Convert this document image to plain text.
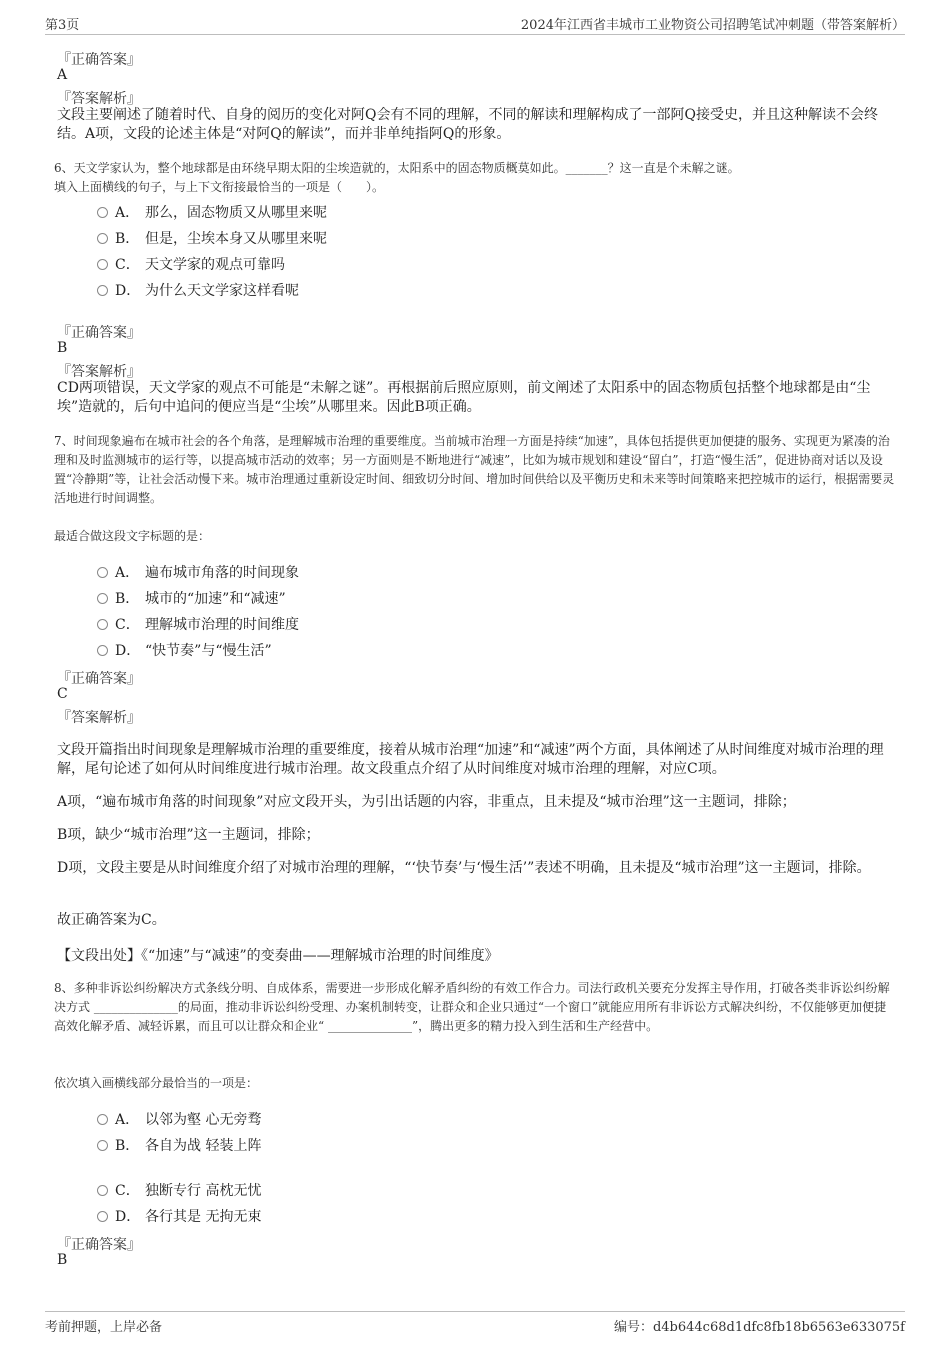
第3页	2024年江西省丰城市工业物资公司招聘笔试冲刺题（带答案解析）
『正确答案』
A
『答案解析』
文段主要阐述了随着时代、自身的阅历的变化对阿Q会有不同的理解，不同的解读和理解构成了一部阿Q接受史，并且这种解读不会终结。A项，文段的论述主体是“对阿Q的解读”，而并非单纯指阿Q的形象。
6、天文学家认为，整个地球都是由环绕早期太阳的尘埃造就的，太阳系中的固态物质概莫如此。_______？这一直是个未解之谜。
填入上面横线的句子，与上下文衔接最恰当的一项是（　　）。
A． 那么，固态物质又从哪里来呢
B． 但是，尘埃本身又从哪里来呢
C． 天文学家的观点可靠吗
D． 为什么天文学家这样看呢
『正确答案』
B
『答案解析』
CD两项错误，天文学家的观点不可能是“未解之谜”。再根据前后照应原则，前文阐述了太阳系中的固态物质包括整个地球都是由“尘埃”造就的，后句中追问的便应当是“尘埃”从哪里来。因此B项正确。
7、时间现象遍布在城市社会的各个角落，是理解城市治理的重要维度。当前城市治理一方面是持续“加速”，具体包括提供更加便捷的服务、实现更为紧凑的治理和及时监测城市的运行等，以提高城市活动的效率；另一方面则是不断地进行“减速”，比如为城市规划和建设“留白”，打造“慢生活”，促进协商对话以及设置“冷静期”等，让社会活动慢下来。城市治理通过重新设定时间、细致切分时间、增加时间供给以及平衡历史和未来等时间策略来把控城市的运行，根据需要灵活地进行时间调整。
最适合做这段文字标题的是：
A． 遍布城市角落的时间现象
B． 城市的“加速”和“减速”
C． 理解城市治理的时间维度
D． “快节奏”与“慢生活”
『正确答案』
C
『答案解析』
文段开篇指出时间现象是理解城市治理的重要维度，接着从城市治理“加速”和“减速”两个方面，具体阐述了从时间维度对城市治理的理解，尾句论述了如何从时间维度进行城市治理。故文段重点介绍了从时间维度对城市治理的理解，对应C项。
A项，“遍布城市角落的时间现象”对应文段开头，为引出话题的内容，非重点，且未提及“城市治理”这一主题词，排除；
B项，缺少“城市治理”这一主题词，排除；
D项，文段主要是从时间维度介绍了对城市治理的理解，“‘快节奏’与‘慢生活’”表述不明确，且未提及“城市治理”这一主题词，排除。
故正确答案为C。
【文段出处】《“加速”与“减速”的变奏曲——理解城市治理的时间维度》
8、多种非诉讼纠纷解决方式条线分明、自成体系，需要进一步形成化解矛盾纠纷的有效工作合力。司法行政机关要充分发挥主导作用，打破各类非诉讼纠纷解决方式 ______________的局面，推动非诉讼纠纷受理、办案机制转变，让群众和企业只通过“一个窗口”就能应用所有非诉讼方式解决纠纷，不仅能够更加便捷高效化解矛盾、减轻诉累，而且可以让群众和企业“ ______________”，腾出更多的精力投入到生活和生产经营中。
依次填入画横线部分最恰当的一项是：
A． 以邻为壑 心无旁骛
B． 各自为战 轻装上阵
C． 独断专行 高枕无忧
D． 各行其是 无拘无束
『正确答案』
B
考前押题，上岸必备	编号：d4b644c68d1dfc8fb18b6563e633075f
